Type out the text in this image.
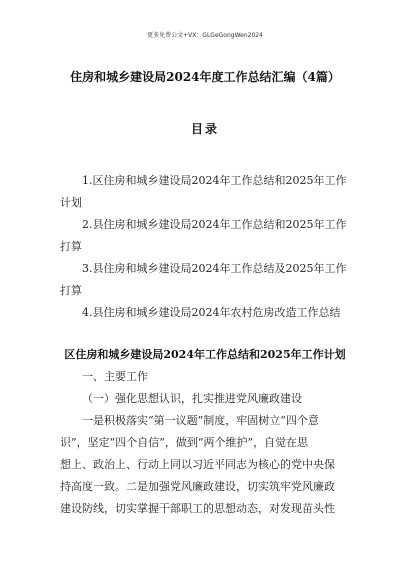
更多免费公文+VX：GLGeGongWen2024
住房和城乡建设局2024年度工作总结汇编（4篇）
目录
1.区住房和城乡建设局2024年工作总结和2025年工作
计划
2.县住房和城乡建设局2024年工作总结和2025年工作
打算
3.县住房和城乡建设局2024年工作总结及2025年工作
打算
4.县住房和城乡建设局2024年农村危房改造工作总结
区住房和城乡建设局2024年工作总结和2025年工作计划
一、主要工作
（一）强化思想认识，扎实推进党风廉政建设
一是积极落实“第一议题”制度，牢固树立“四个意
识”，坚定“四个自信”，做到“两个维护”，自觉在思
想上、政治上、行动上同以习近平同志为核心的党中央保
持高度一致。二是加强党风廉政建设，切实筑牢党风廉政
建设防线，切实掌握干部职工的思想动态，对发现苗头性
